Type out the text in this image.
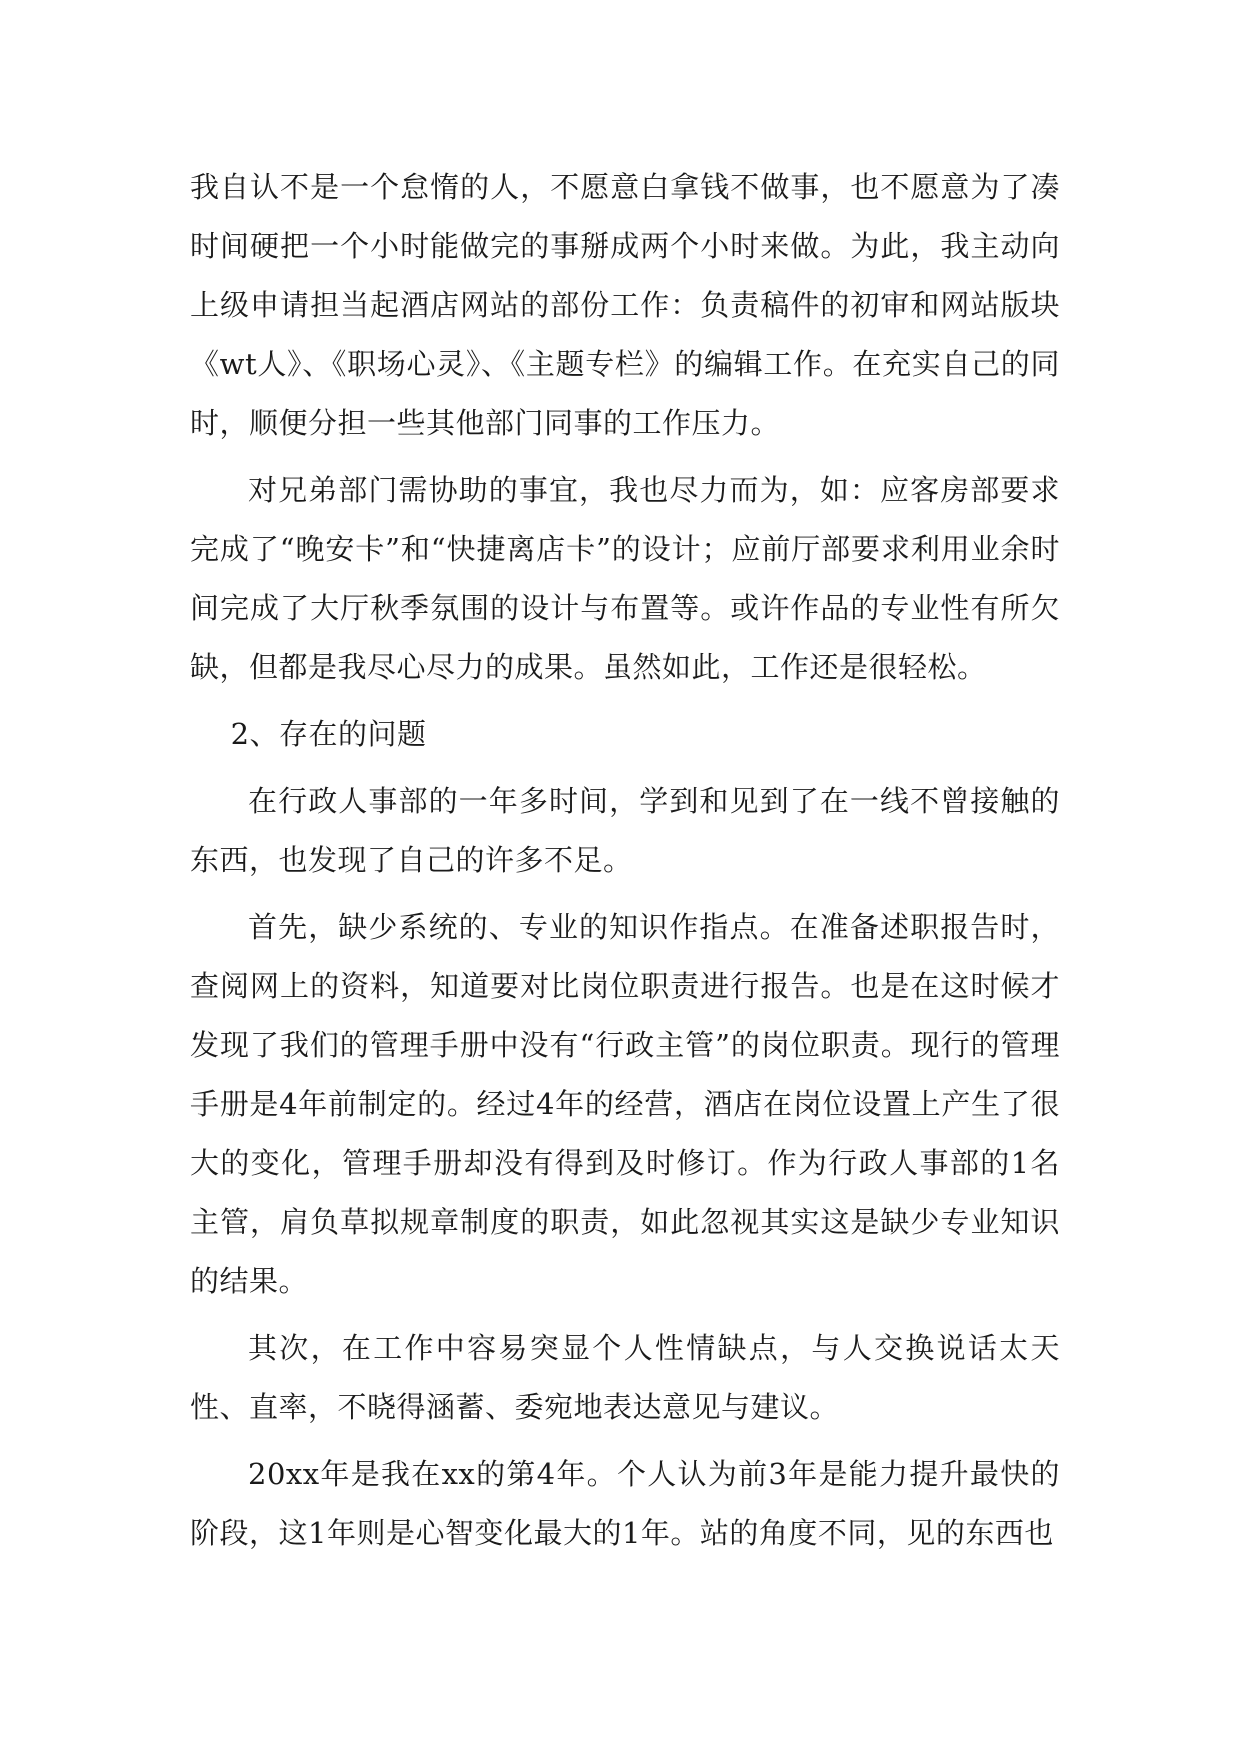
我自认不是一个怠惰的人，不愿意白拿钱不做事，也不愿意为了凑时间硬把一个小时能做完的事掰成两个小时来做。为此，我主动向上级申请担当起酒店网站的部份工作：负责稿件的初审和网站版块《wt人》、《职场心灵》、《主题专栏》的编辑工作。在充实自己的同时，顺便分担一些其他部门同事的工作压力。

对兄弟部门需协助的事宜，我也尽力而为，如：应客房部要求完成了“晚安卡”和“快捷离店卡”的设计；应前厅部要求利用业余时间完成了大厅秋季氛围的设计与布置等。或许作品的专业性有所欠缺，但都是我尽心尽力的成果。虽然如此，工作还是很轻松。

2、存在的问题

在行政人事部的一年多时间，学到和见到了在一线不曾接触的东西，也发现了自己的许多不足。

首先，缺少系统的、专业的知识作指点。在准备述职报告时，查阅网上的资料，知道要对比岗位职责进行报告。也是在这时候才发现了我们的管理手册中没有“行政主管”的岗位职责。现行的管理手册是4年前制定的。经过4年的经营，酒店在岗位设置上产生了很大的变化，管理手册却没有得到及时修订。作为行政人事部的1名主管，肩负草拟规章制度的职责，如此忽视其实这是缺少专业知识的结果。

其次，在工作中容易突显个人性情缺点，与人交换说话太天性、直率，不晓得涵蓄、委宛地表达意见与建议。

20xx年是我在xx的第4年。个人认为前3年是能力提升最快的阶段，这1年则是心智变化最大的1年。站的角度不同，见的东西也
